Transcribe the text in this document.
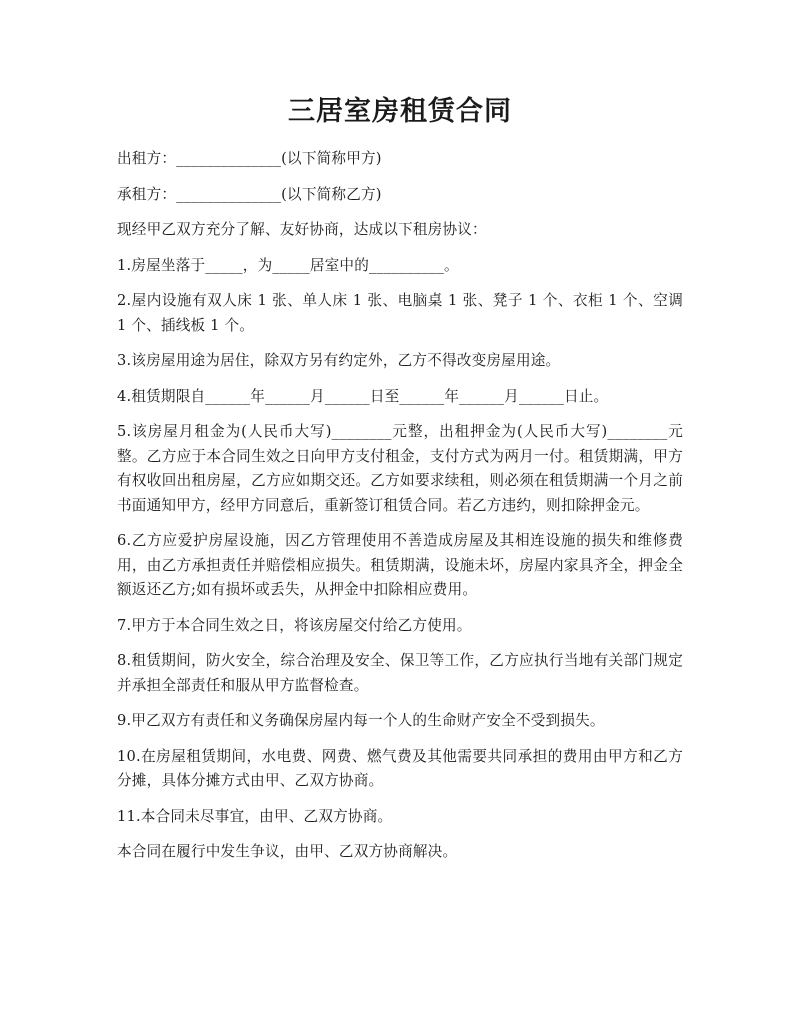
三居室房租赁合同

出租方：______________(以下简称甲方)

承租方：______________(以下简称乙方)

现经甲乙双方充分了解、友好协商，达成以下租房协议：

1.房屋坐落于_____，为_____居室中的__________。

2.屋内设施有双人床 1 张、单人床 1 张、电脑桌 1 张、凳子 1 个、衣柜 1 个、空调 1 个、插线板 1 个。

3.该房屋用途为居住，除双方另有约定外，乙方不得改变房屋用途。

4.租赁期限自______年______月______日至______年______月______日止。

5.该房屋月租金为(人民币大写)________元整，出租押金为(人民币大写)________元整。乙方应于本合同生效之日向甲方支付租金，支付方式为两月一付。租赁期满，甲方有权收回出租房屋，乙方应如期交还。乙方如要求续租，则必须在租赁期满一个月之前书面通知甲方，经甲方同意后，重新签订租赁合同。若乙方违约，则扣除押金元。

6.乙方应爱护房屋设施，因乙方管理使用不善造成房屋及其相连设施的损失和维修费用，由乙方承担责任并赔偿相应损失。租赁期满，设施未坏，房屋内家具齐全，押金全额返还乙方;如有损坏或丢失，从押金中扣除相应费用。

7.甲方于本合同生效之日，将该房屋交付给乙方使用。

8.租赁期间，防火安全，综合治理及安全、保卫等工作，乙方应执行当地有关部门规定并承担全部责任和服从甲方监督检查。

9.甲乙双方有责任和义务确保房屋内每一个人的生命财产安全不受到损失。

10.在房屋租赁期间，水电费、网费、燃气费及其他需要共同承担的费用由甲方和乙方分摊，具体分摊方式由甲、乙双方协商。

11.本合同未尽事宜，由甲、乙双方协商。

本合同在履行中发生争议，由甲、乙双方协商解决。
